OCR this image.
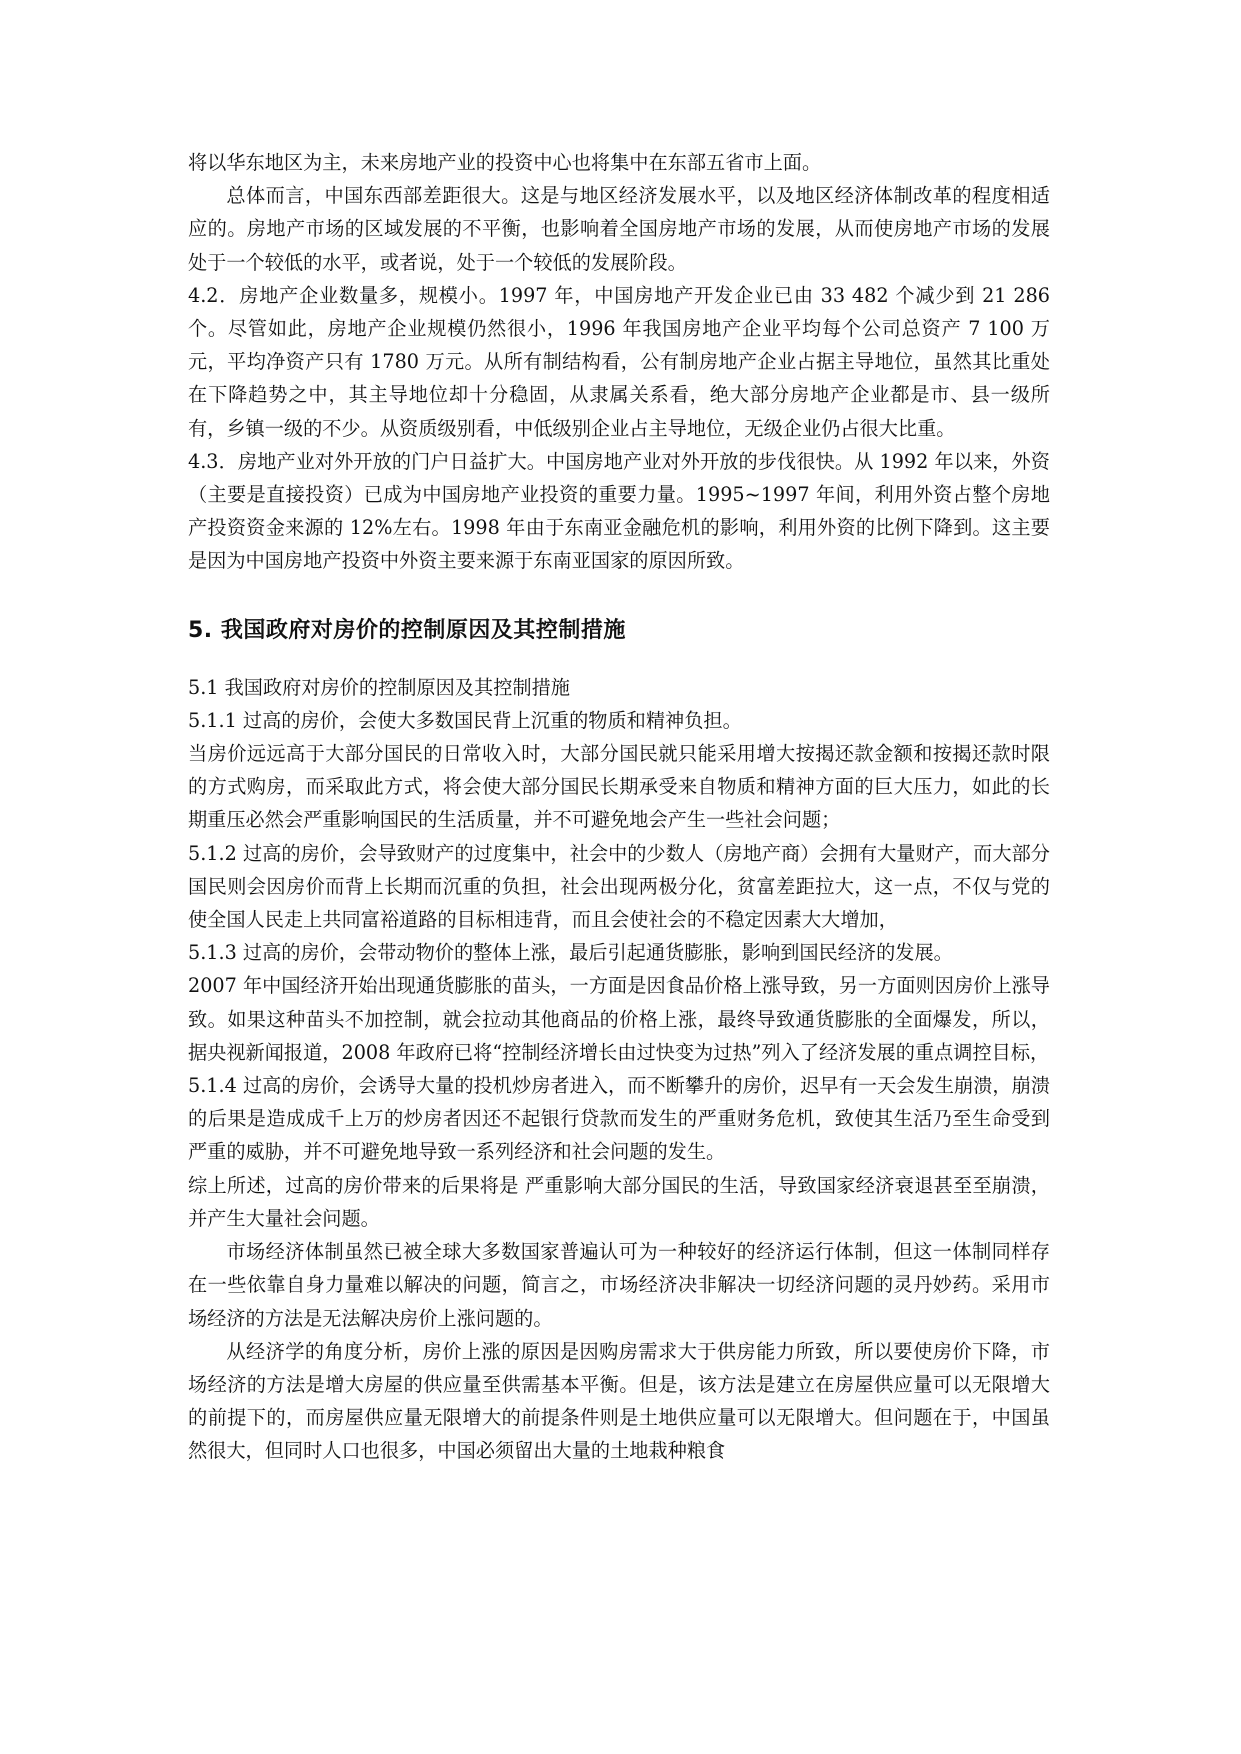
将以华东地区为主，未来房地产业的投资中心也将集中在东部五省市上面。

总体而言，中国东西部差距很大。这是与地区经济发展水平，以及地区经济体制改革的程度相适应的。房地产市场的区域发展的不平衡，也影响着全国房地产市场的发展，从而使房地产市场的发展处于一个较低的水平，或者说，处于一个较低的发展阶段。

4.2．房地产企业数量多，规模小。1997 年，中国房地产开发企业已由 33 482 个减少到 21 286 个。尽管如此，房地产企业规模仍然很小，1996 年我国房地产企业平均每个公司总资产 7 100 万元，平均净资产只有 1780 万元。从所有制结构看，公有制房地产企业占据主导地位，虽然其比重处在下降趋势之中，其主导地位却十分稳固，从隶属关系看，绝大部分房地产企业都是市、县一级所有，乡镇一级的不少。从资质级别看，中低级别企业占主导地位，无级企业仍占很大比重。

4.3．房地产业对外开放的门户日益扩大。中国房地产业对外开放的步伐很快。从 1992 年以来，外资（主要是直接投资）已成为中国房地产业投资的重要力量。1995~1997 年间，利用外资占整个房地产投资资金来源的 12%左右。1998 年由于东南亚金融危机的影响，利用外资的比例下降到。这主要是因为中国房地产投资中外资主要来源于东南亚国家的原因所致。

5. 我国政府对房价的控制原因及其控制措施

5.1 我国政府对房价的控制原因及其控制措施

5.1.1 过高的房价，会使大多数国民背上沉重的物质和精神负担。

当房价远远高于大部分国民的日常收入时，大部分国民就只能采用增大按揭还款金额和按揭还款时限的方式购房，而采取此方式，将会使大部分国民长期承受来自物质和精神方面的巨大压力，如此的长期重压必然会严重影响国民的生活质量，并不可避免地会产生一些社会问题；

5.1.2 过高的房价，会导致财产的过度集中，社会中的少数人（房地产商）会拥有大量财产，而大部分国民则会因房价而背上长期而沉重的负担，社会出现两极分化，贫富差距拉大，这一点，不仅与党的使全国人民走上共同富裕道路的目标相违背，而且会使社会的不稳定因素大大增加，

5.1.3 过高的房价，会带动物价的整体上涨，最后引起通货膨胀，影响到国民经济的发展。

2007 年中国经济开始出现通货膨胀的苗头，一方面是因食品价格上涨导致，另一方面则因房价上涨导致。如果这种苗头不加控制，就会拉动其他商品的价格上涨，最终导致通货膨胀的全面爆发，所以，据央视新闻报道，2008 年政府已将“控制经济增长由过快变为过热”列入了经济发展的重点调控目标，

5.1.4 过高的房价，会诱导大量的投机炒房者进入，而不断攀升的房价，迟早有一天会发生崩溃，崩溃的后果是造成成千上万的炒房者因还不起银行贷款而发生的严重财务危机，致使其生活乃至生命受到严重的威胁，并不可避免地导致一系列经济和社会问题的发生。

综上所述，过高的房价带来的后果将是 严重影响大部分国民的生活，导致国家经济衰退甚至至崩溃，并产生大量社会问题。

市场经济体制虽然已被全球大多数国家普遍认可为一种较好的经济运行体制，但这一体制同样存在一些依靠自身力量难以解决的问题，简言之，市场经济决非解决一切经济问题的灵丹妙药。采用市场经济的方法是无法解决房价上涨问题的。

从经济学的角度分析，房价上涨的原因是因购房需求大于供房能力所致，所以要使房价下降，市场经济的方法是增大房屋的供应量至供需基本平衡。但是，该方法是建立在房屋供应量可以无限增大的前提下的，而房屋供应量无限增大的前提条件则是土地供应量可以无限增大。但问题在于，中国虽然很大，但同时人口也很多，中国必须留出大量的土地栽种粮食
